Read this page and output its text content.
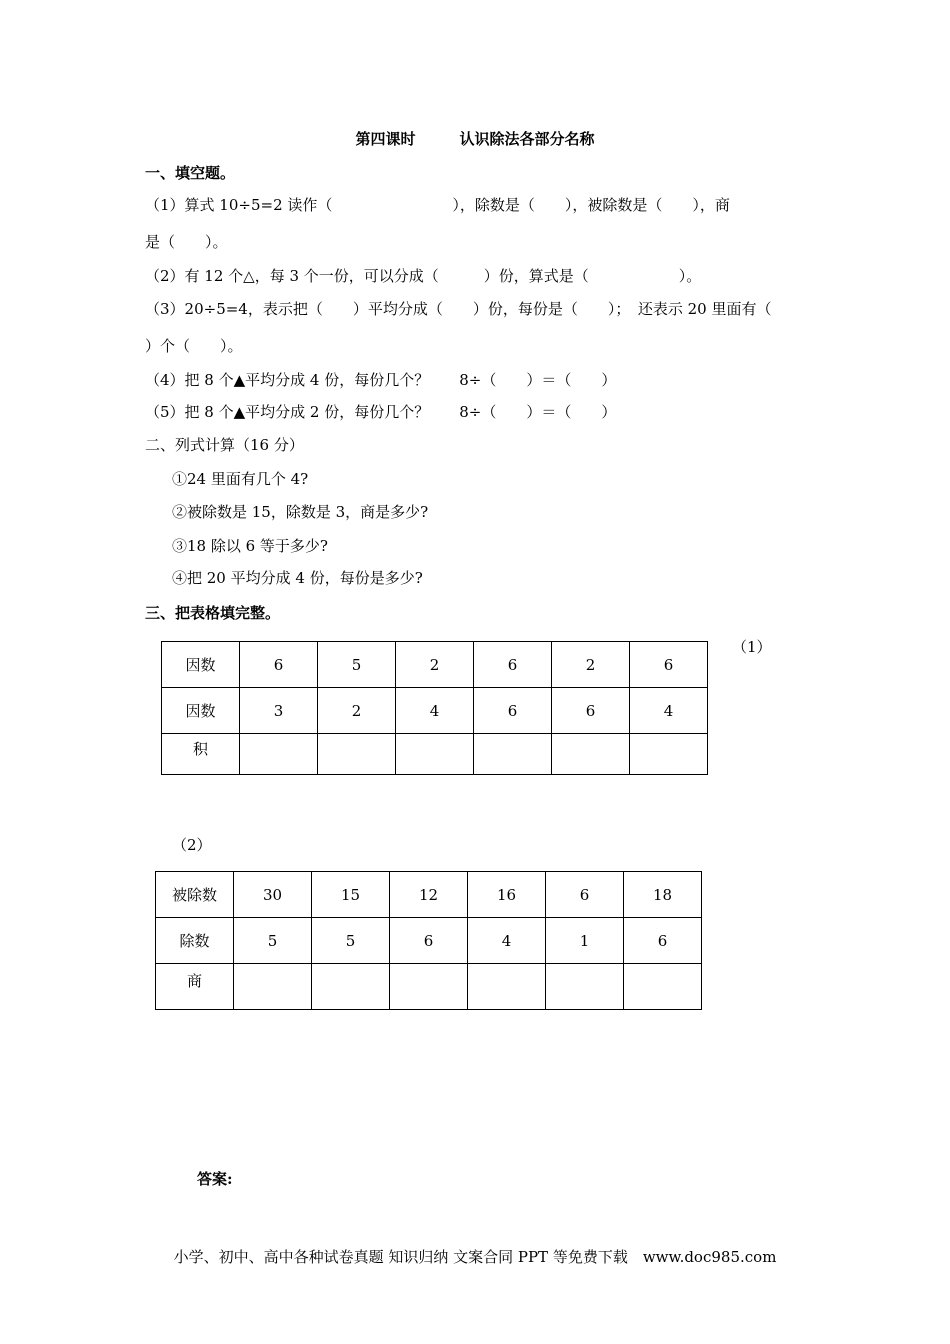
第四课时	认识除法各部分名称
一、填空题。
（1）算式 10÷5=2 读作（　　　　　　　　），除数是（　　），被除数是（　　），商
是（　　）。
（2）有 12 个△，每 3 个一份，可以分成（　　　）份，算式是（　　　　　　）。
（3）20÷5=4，表示把（　　）平均分成（　　）份，每份是（　　）；　还表示 20 里面有（
）个（　　）。
（4）把 8 个▲平均分成 4 份，每份几个？　　8÷（　　）＝（　　）
（5）把 8 个▲平均分成 2 份，每份几个？　　8÷（　　）＝（　　）
二、列式计算（16 分）
①24 里面有几个 4?
②被除数是 15，除数是 3，商是多少?
③18 除以 6 等于多少?
④把 20 平均分成 4 份，每份是多少?
三、把表格填完整。
（1）
因数	6	5	2	6	2	6
因数	3	2	4	6	6	4
积						
（2）
被除数	30	15	12	16	6	18
除数	5	5	6	4	1	6
商						
答案:
小学、初中、高中各种试卷真题 知识归纳 文案合同 PPT 等免费下载　www.doc985.com
